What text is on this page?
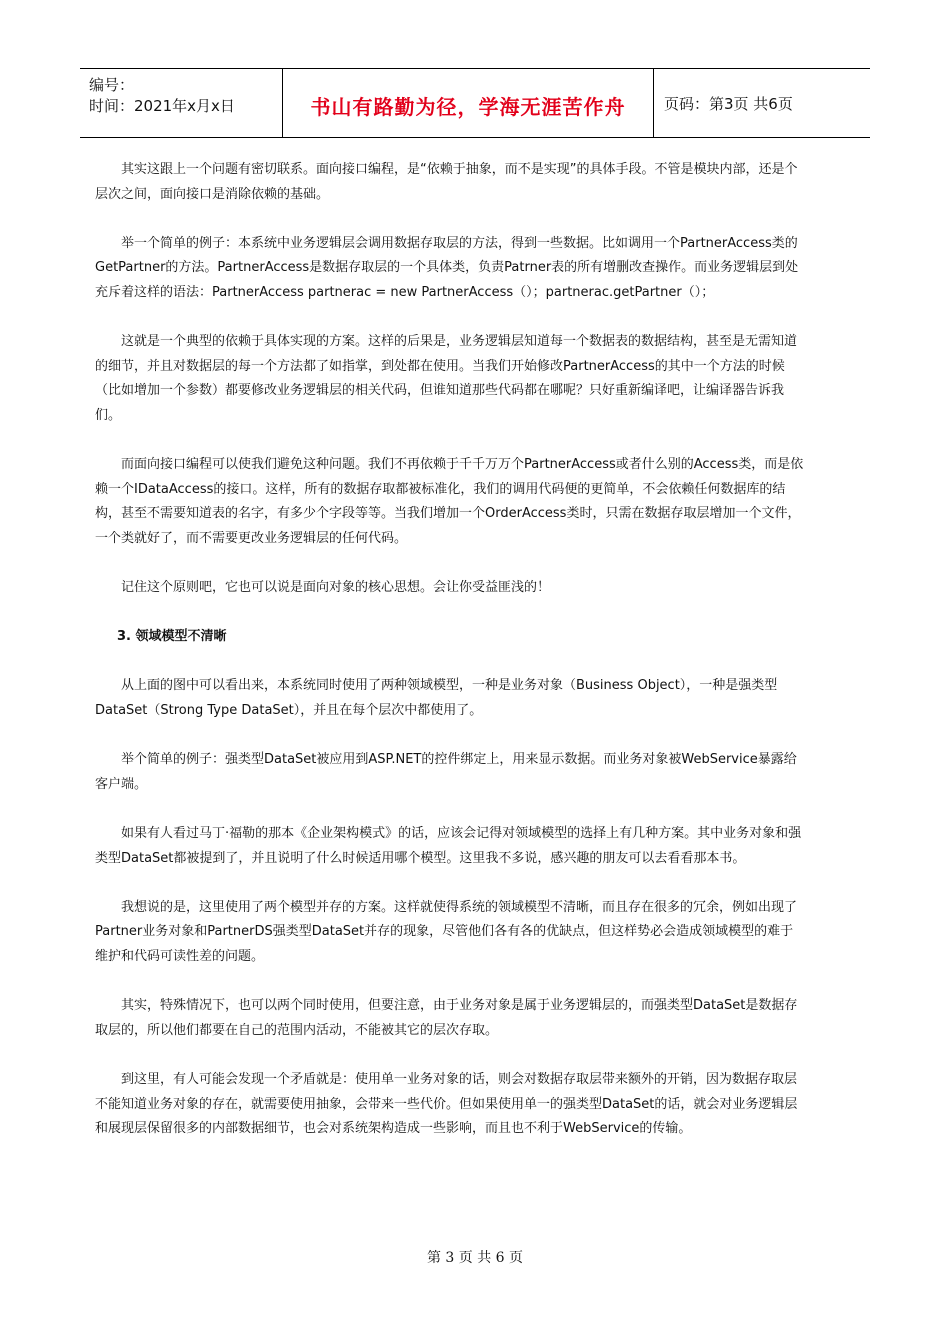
编号：
时间：2021年x月x日	书山有路勤为径，学海无涯苦作舟	页码：第3页 共6页

其实这跟上一个问题有密切联系。面向接口编程，是“依赖于抽象，而不是实现”的具体手段。不管是模块内部，还是个层次之间，面向接口是消除依赖的基础。

举一个简单的例子：本系统中业务逻辑层会调用数据存取层的方法，得到一些数据。比如调用一个PartnerAccess类的GetPartner的方法。PartnerAccess是数据存取层的一个具体类，负责Patrner表的所有增删改查操作。而业务逻辑层到处充斥着这样的语法：PartnerAccess partnerac = new PartnerAccess（）；partnerac.getPartner（）；

这就是一个典型的依赖于具体实现的方案。这样的后果是，业务逻辑层知道每一个数据表的数据结构，甚至是无需知道的细节，并且对数据层的每一个方法都了如指掌，到处都在使用。当我们开始修改PartnerAccess的其中一个方法的时候（比如增加一个参数）都要修改业务逻辑层的相关代码，但谁知道那些代码都在哪呢？只好重新编译吧，让编译器告诉我们。

而面向接口编程可以使我们避免这种问题。我们不再依赖于千千万万个PartnerAccess或者什么别的Access类，而是依赖一个IDataAccess的接口。这样，所有的数据存取都被标准化，我们的调用代码便的更简单，不会依赖任何数据库的结构，甚至不需要知道表的名字，有多少个字段等等。当我们增加一个OrderAccess类时，只需在数据存取层增加一个文件，一个类就好了，而不需要更改业务逻辑层的任何代码。

记住这个原则吧，它也可以说是面向对象的核心思想。会让你受益匪浅的！

3. 领域模型不清晰

从上面的图中可以看出来，本系统同时使用了两种领域模型，一种是业务对象（Business Object），一种是强类型DataSet（Strong Type DataSet），并且在每个层次中都使用了。

举个简单的例子：强类型DataSet被应用到ASP.NET的控件绑定上，用来显示数据。而业务对象被WebService暴露给客户端。

如果有人看过马丁·福勒的那本《企业架构模式》的话，应该会记得对领域模型的选择上有几种方案。其中业务对象和强类型DataSet都被提到了，并且说明了什么时候适用哪个模型。这里我不多说，感兴趣的朋友可以去看看那本书。

我想说的是，这里使用了两个模型并存的方案。这样就使得系统的领域模型不清晰，而且存在很多的冗余，例如出现了Partner业务对象和PartnerDS强类型DataSet并存的现象，尽管他们各有各的优缺点，但这样势必会造成领域模型的难于维护和代码可读性差的问题。

其实，特殊情况下，也可以两个同时使用，但要注意，由于业务对象是属于业务逻辑层的，而强类型DataSet是数据存取层的，所以他们都要在自己的范围内活动，不能被其它的层次存取。

到这里，有人可能会发现一个矛盾就是：使用单一业务对象的话，则会对数据存取层带来额外的开销，因为数据存取层不能知道业务对象的存在，就需要使用抽象，会带来一些代价。但如果使用单一的强类型DataSet的话，就会对业务逻辑层和展现层保留很多的内部数据细节，也会对系统架构造成一些影响，而且也不利于WebService的传输。

第 3 页 共 6 页
